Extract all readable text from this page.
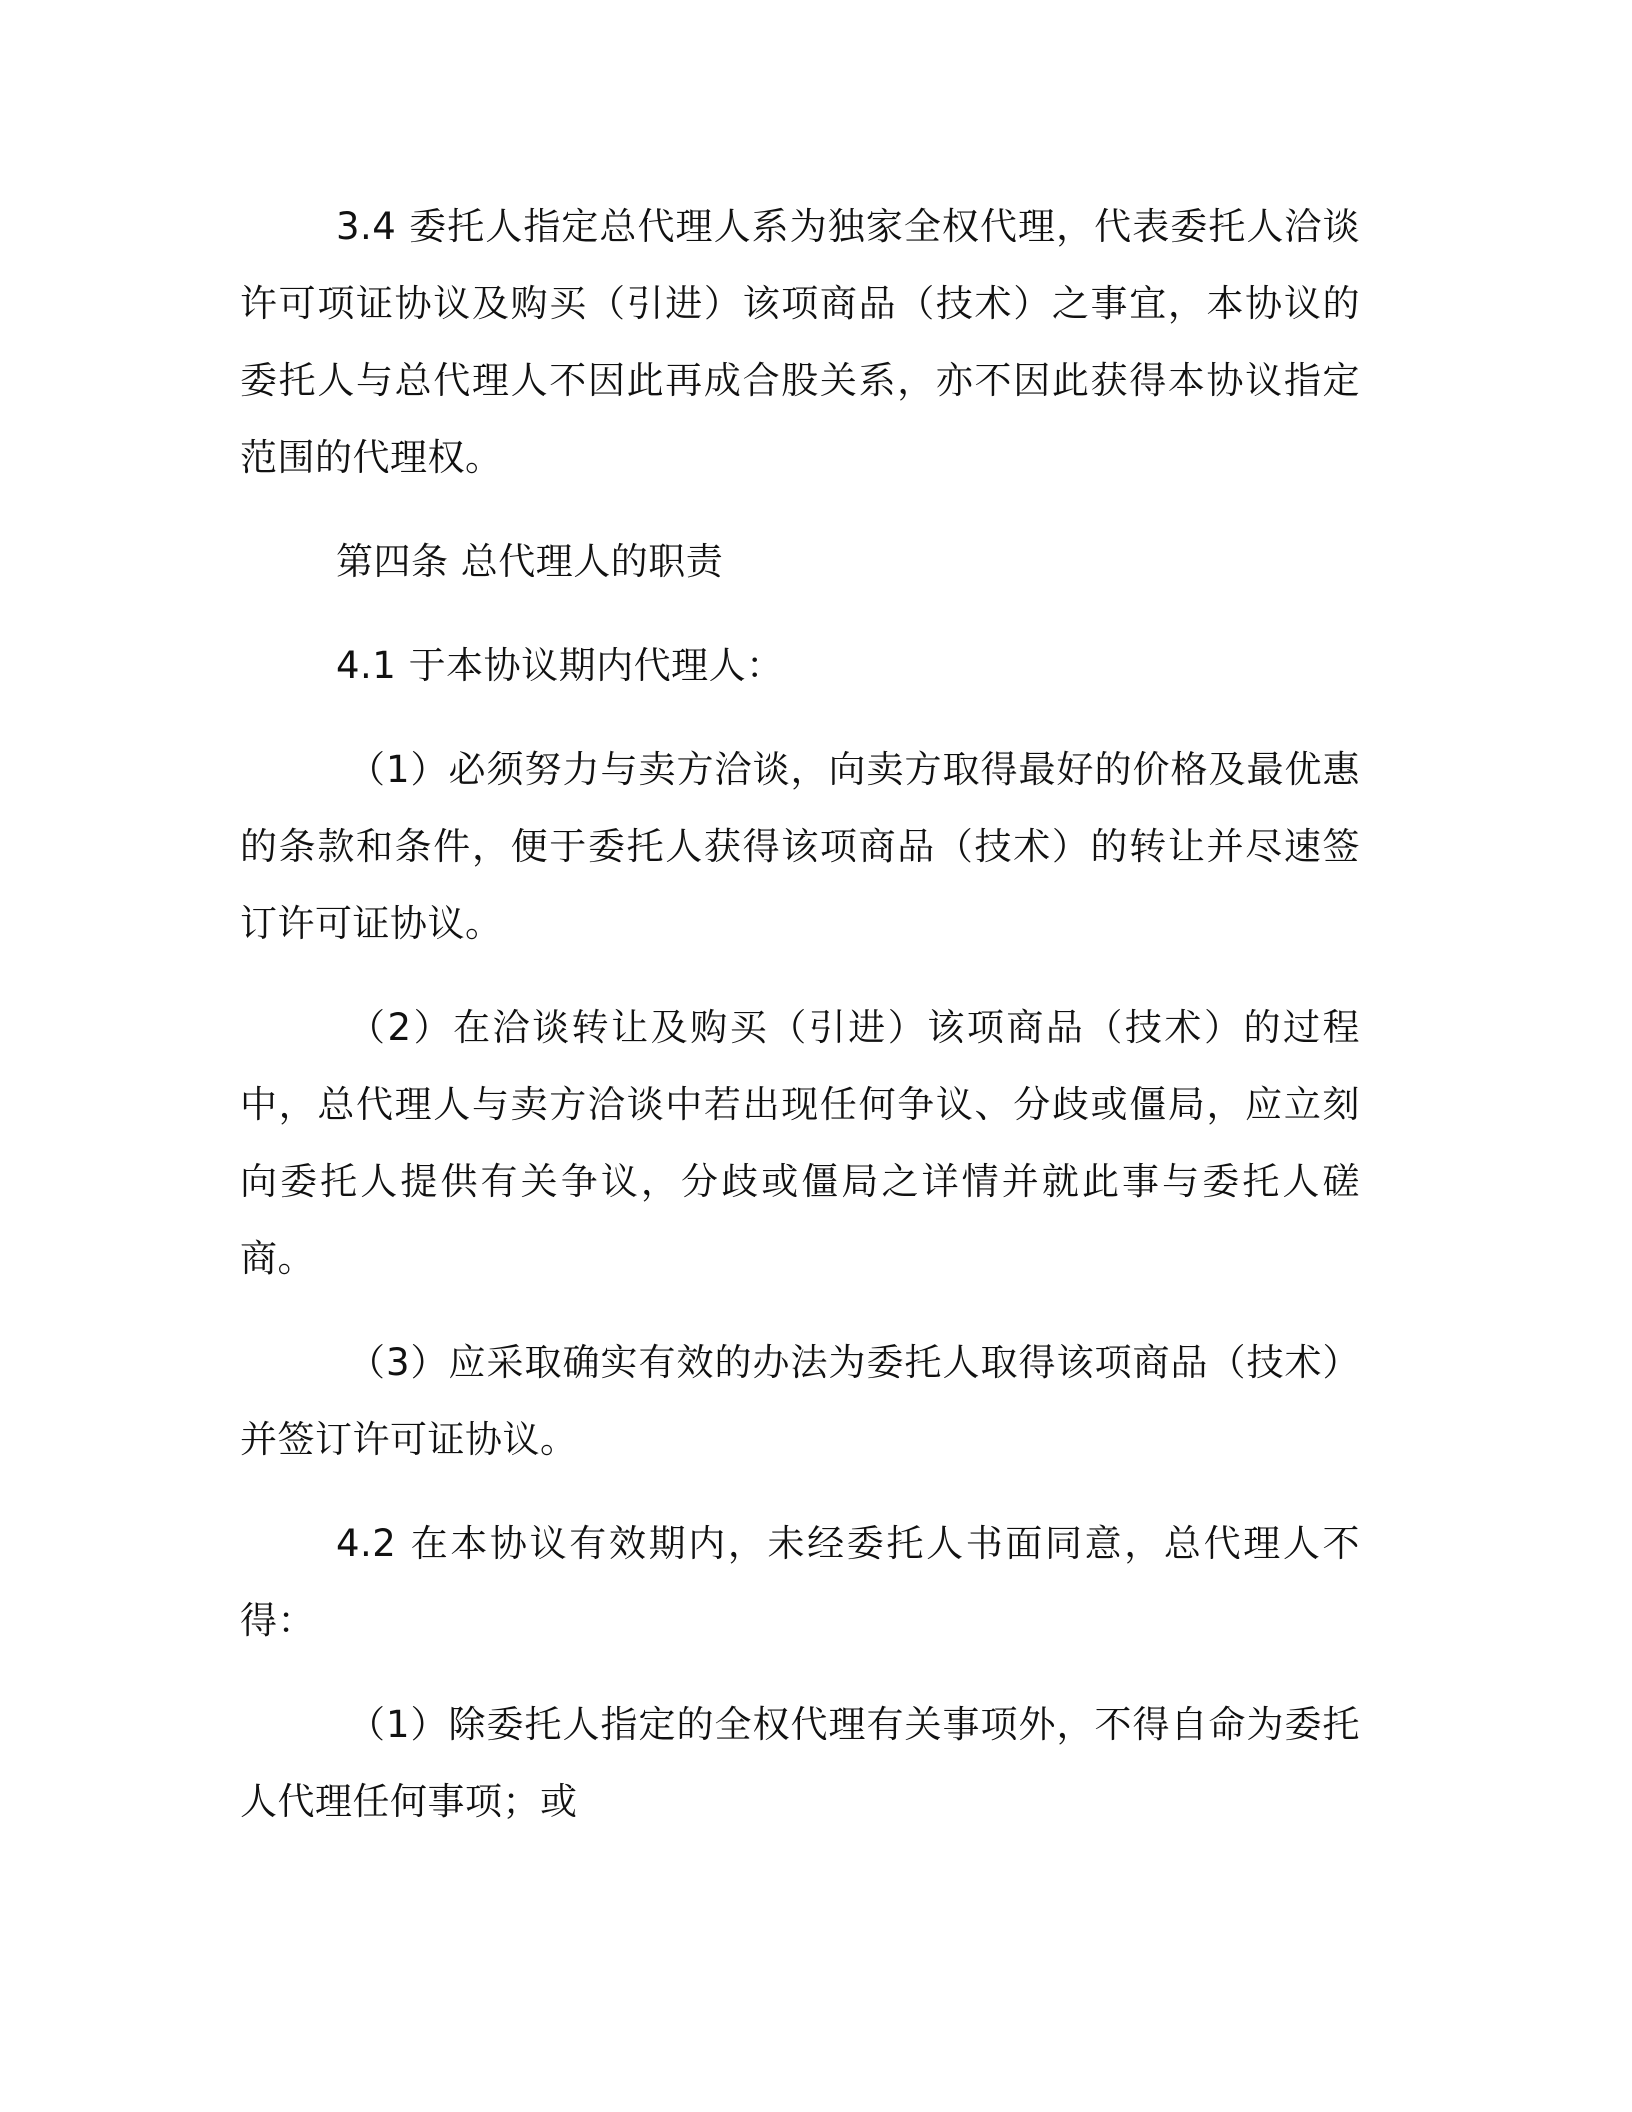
3.4 委托人指定总代理人系为独家全权代理，代表委托人洽谈许可项证协议及购买（引进）该项商品（技术）之事宜，本协议的委托人与总代理人不因此再成合股关系，亦不因此获得本协议指定范围的代理权。

第四条 总代理人的职责

4.1 于本协议期内代理人：

（1）必须努力与卖方洽谈，向卖方取得最好的价格及最优惠的条款和条件，便于委托人获得该项商品（技术）的转让并尽速签订许可证协议。

（2）在洽谈转让及购买（引进）该项商品（技术）的过程中，总代理人与卖方洽谈中若出现任何争议、分歧或僵局，应立刻向委托人提供有关争议，分歧或僵局之详情并就此事与委托人磋商。

（3）应采取确实有效的办法为委托人取得该项商品（技术）并签订许可证协议。

4.2 在本协议有效期内，未经委托人书面同意，总代理人不得：

（1）除委托人指定的全权代理有关事项外，不得自命为委托人代理任何事项；或
